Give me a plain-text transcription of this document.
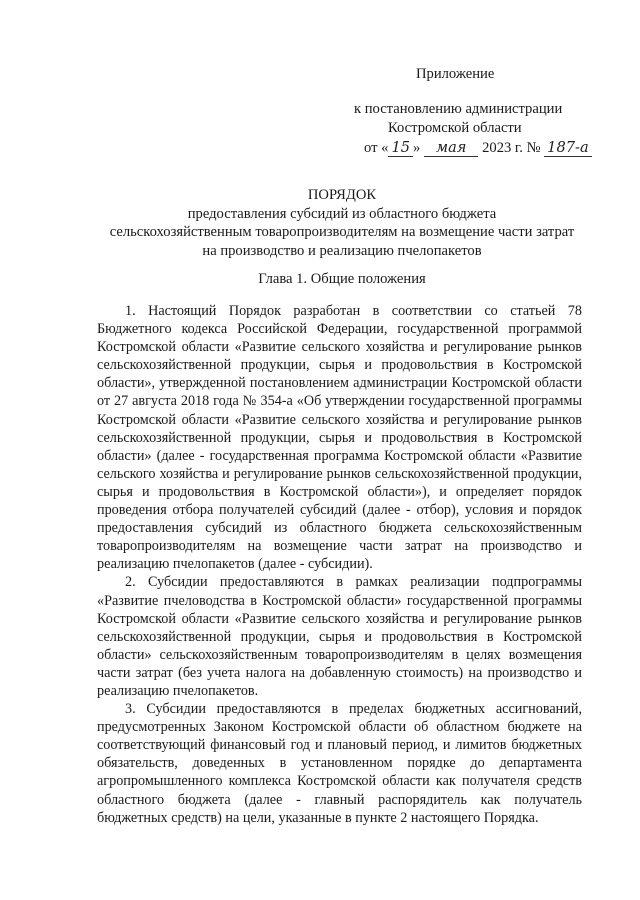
Приложение
к постановлению администрации
Костромской области
от « 15 » мая 2023 г. № 187-а
ПОРЯДОК
предоставления субсидий из областного бюджета
сельскохозяйственным товаропроизводителям на возмещение части затрат
на производство и реализацию пчелопакетов
Глава 1. Общие положения

1. Настоящий Порядок разработан в соответствии со статьей 78 Бюджетного кодекса Российской Федерации, государственной программой Костромской области «Развитие сельского хозяйства и регулирование рынков сельскохозяйственной продукции, сырья и продовольствия в Костромской области», утвержденной постановлением администрации Костромской области от 27 августа 2018 года № 354-а «Об утверждении государственной программы Костромской области «Развитие сельского хозяйства и регулирование рынков сельскохозяйственной продукции, сырья и продовольствия в Костромской области» (далее - государственная программа Костромской области «Развитие сельского хозяйства и регулирование рынков сельскохозяйственной продукции, сырья и продовольствия в Костромской области»), и определяет порядок проведения отбора получателей субсидий (далее - отбор), условия и порядок предоставления субсидий из областного бюджета сельскохозяйственным товаропроизводителям на возмещение части затрат на производство и реализацию пчелопакетов (далее - субсидии).

2. Субсидии предоставляются в рамках реализации подпрограммы «Развитие пчеловодства в Костромской области» государственной программы Костромской области «Развитие сельского хозяйства и регулирование рынков сельскохозяйственной продукции, сырья и продовольствия в Костромской области» сельскохозяйственным товаропроизводителям в целях возмещения части затрат (без учета налога на добавленную стоимость) на производство и реализацию пчелопакетов.

3. Субсидии предоставляются в пределах бюджетных ассигнований, предусмотренных Законом Костромской области об областном бюджете на соответствующий финансовый год и плановый период, и лимитов бюджетных обязательств, доведенных в установленном порядке до департамента агропромышленного комплекса Костромской области как получателя средств областного бюджета (далее - главный распорядитель как получатель бюджетных средств) на цели, указанные в пункте 2 настоящего Порядка.
